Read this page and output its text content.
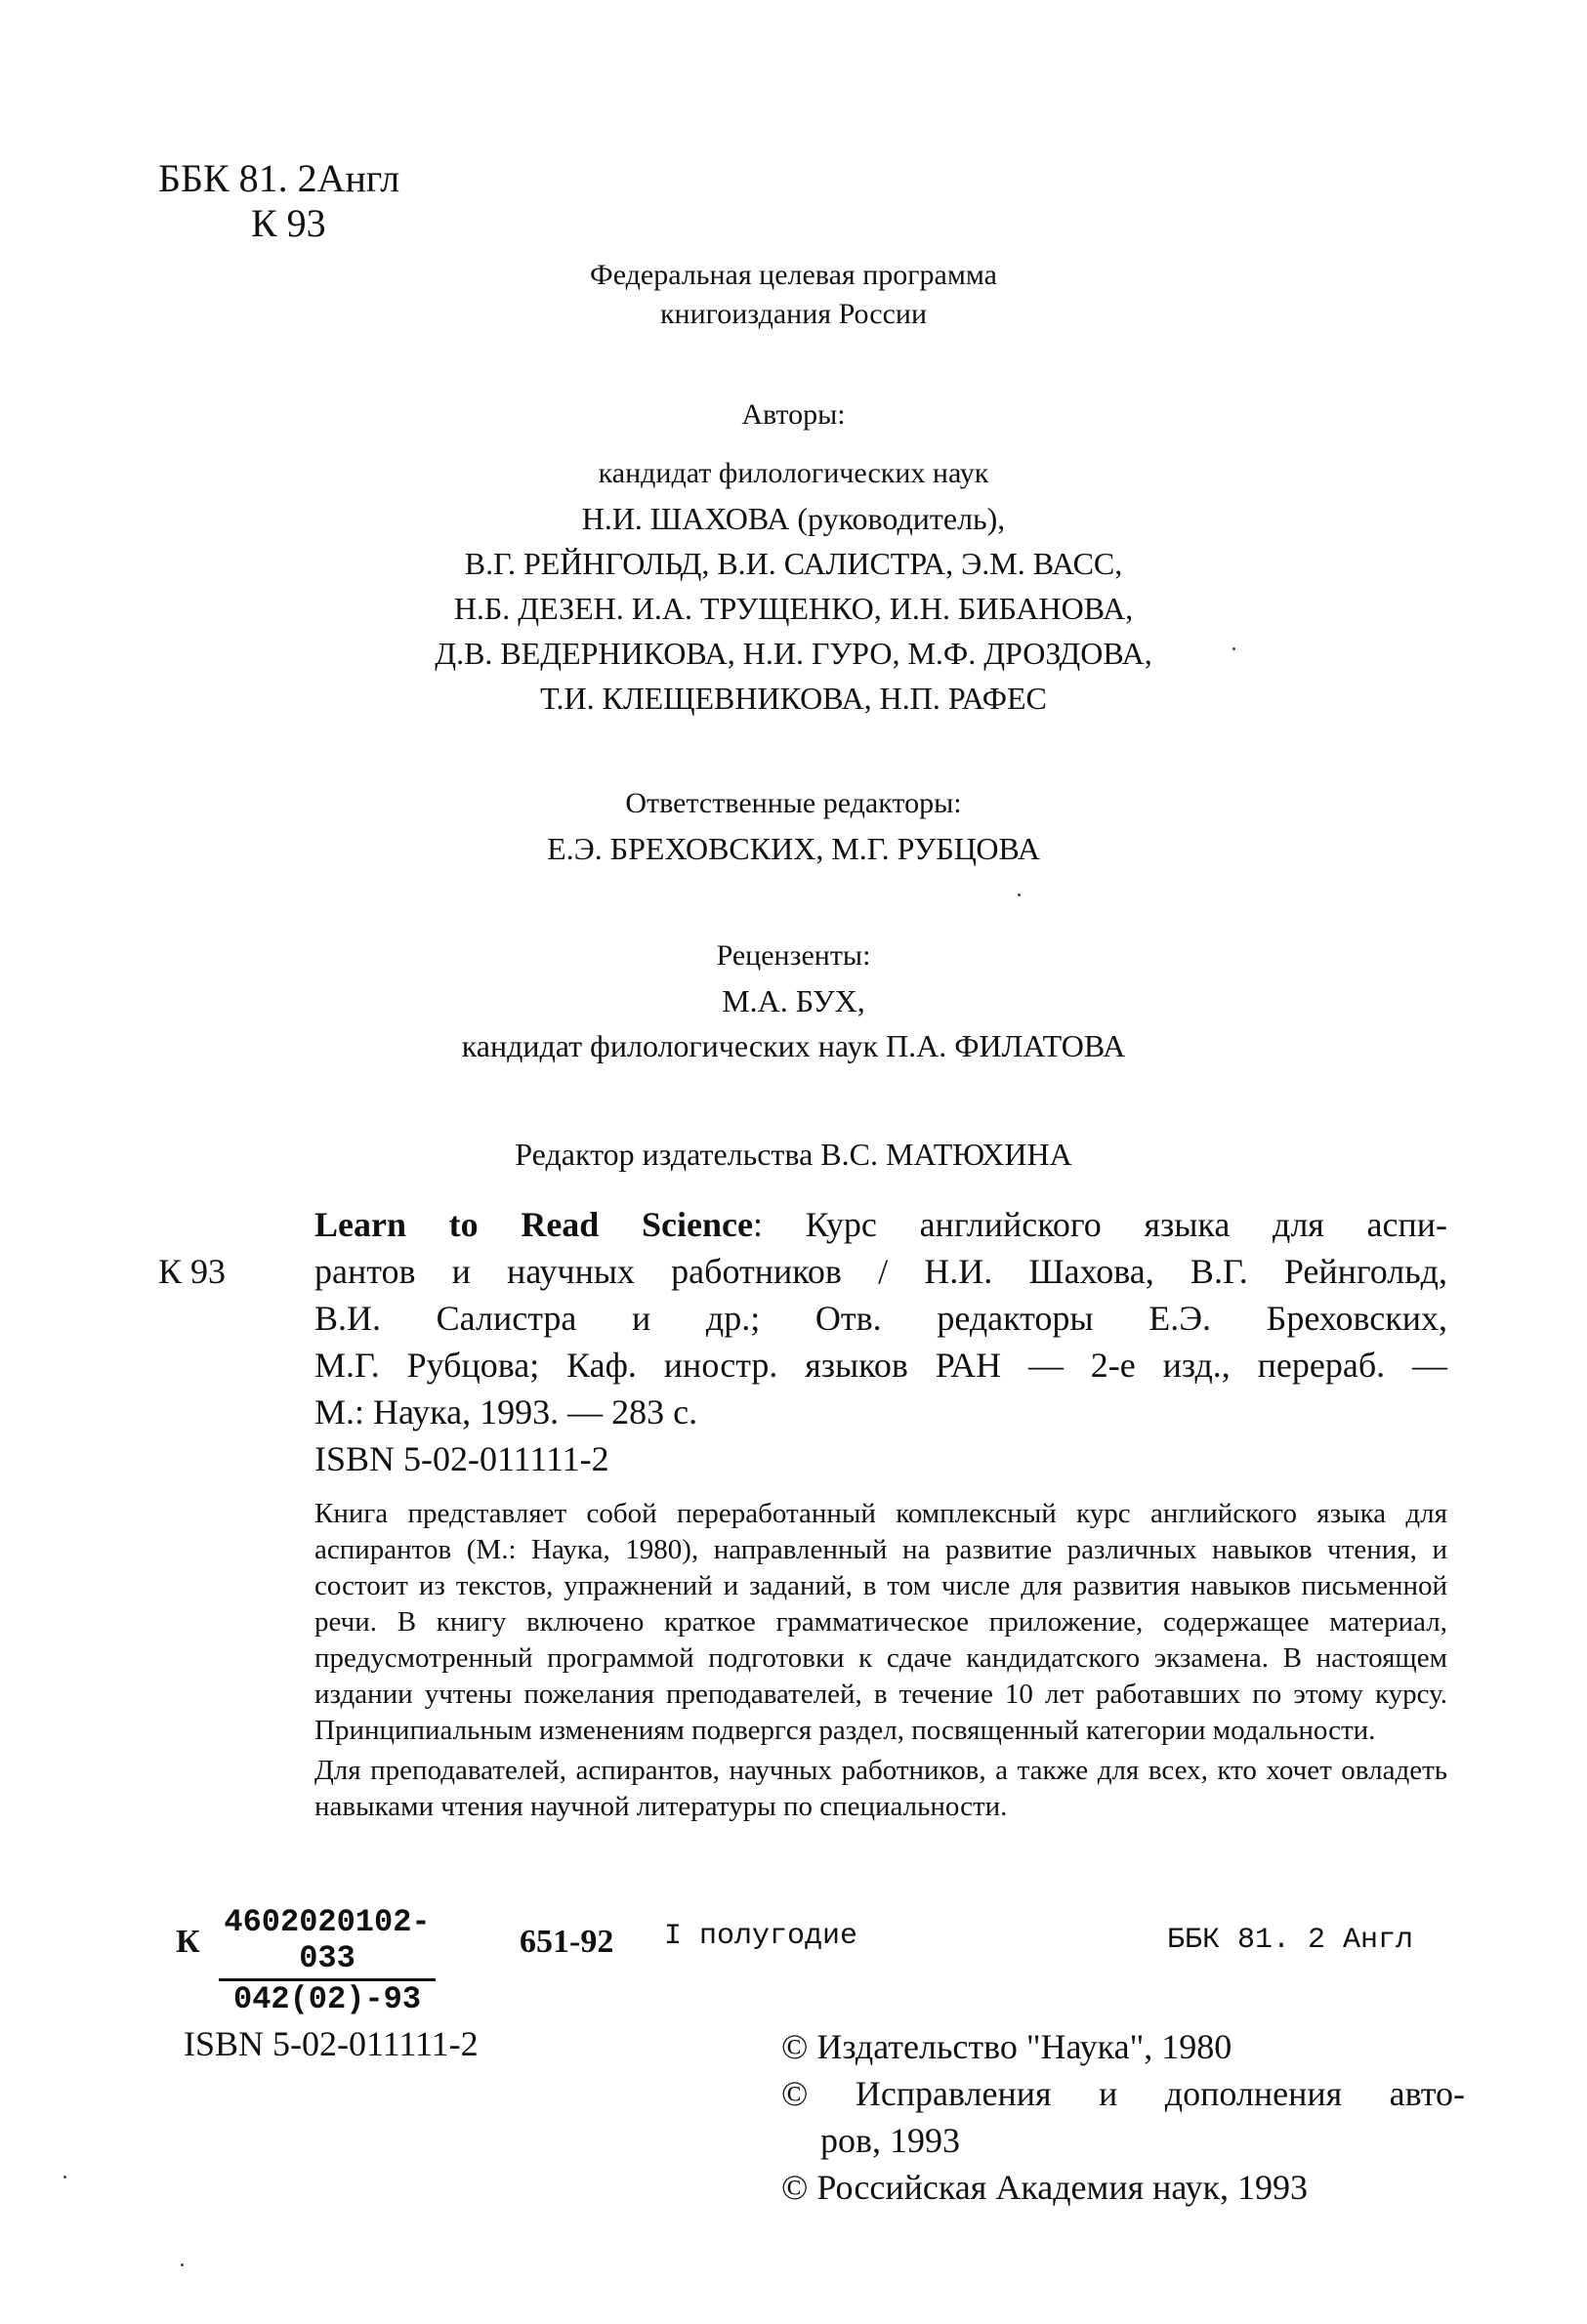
ББК 81. 2Англ
К 93
Федеральная целевая программа
книгоиздания России
Авторы:
кандидат филологических наук
Н.И. ШАХОВА (руководитель),
В.Г. РЕЙНГОЛЬД, В.И. САЛИСТРА, Э.М. ВАСС,
Н.Б. ДЕЗЕН. И.А. ТРУЩЕНКО, И.Н. БИБАНОВА,
Д.В. ВЕДЕРНИКОВА, Н.И. ГУРО, М.Ф. ДРОЗДОВА,
Т.И. КЛЕЩЕВНИКОВА, Н.П. РАФЕС
Ответственные редакторы:
Е.Э. БРЕХОВСКИХ, М.Г. РУБЦОВА
Рецензенты:
М.А. БУХ,
кандидат филологических наук П.А. ФИЛАТОВА
Редактор издательства В.С. МАТЮХИНА
Learn to Read Science: Курс английского языка для аспи-
К 93	рантов и научных работников / Н.И. Шахова, В.Г. Рейнгольд,
В.И. Салистра и др.; Отв. редакторы Е.Э. Бреховских,
М.Г. Рубцова; Каф. иностр. языков РАН — 2-е изд., перераб. —
М.: Наука, 1993. — 283 с.
ISBN 5-02-011111-2

Книга представляет собой переработанный комплексный курс английского языка для аспирантов (М.: Наука, 1980), направленный на развитие различных навыков чтения, и состоит из текстов, упражнений и заданий, в том числе для развития навыков письменной речи. В книгу включено краткое грамматическое приложение, содержащее материал, предусмотренный программой подготовки к сдаче кандидатского экзамена. В настоящем издании учтены пожелания преподавателей, в течение 10 лет работавших по этому курсу. Принципиальным изменениям подвергся раздел, посвященный категории модальности.

Для преподавателей, аспирантов, научных работников, а также для всех, кто хочет овладеть навыками чтения научной литературы по специальности.

К $\frac{4602020102-033}{042(02)-93}$	651-92 I полугодие	ББК 81. 2 Англ
ISBN 5-02-011111-2	© Издательство "Наука", 1980
© Исправления и дополнения авто-
ров, 1993
© Российская Академия наук, 1993
